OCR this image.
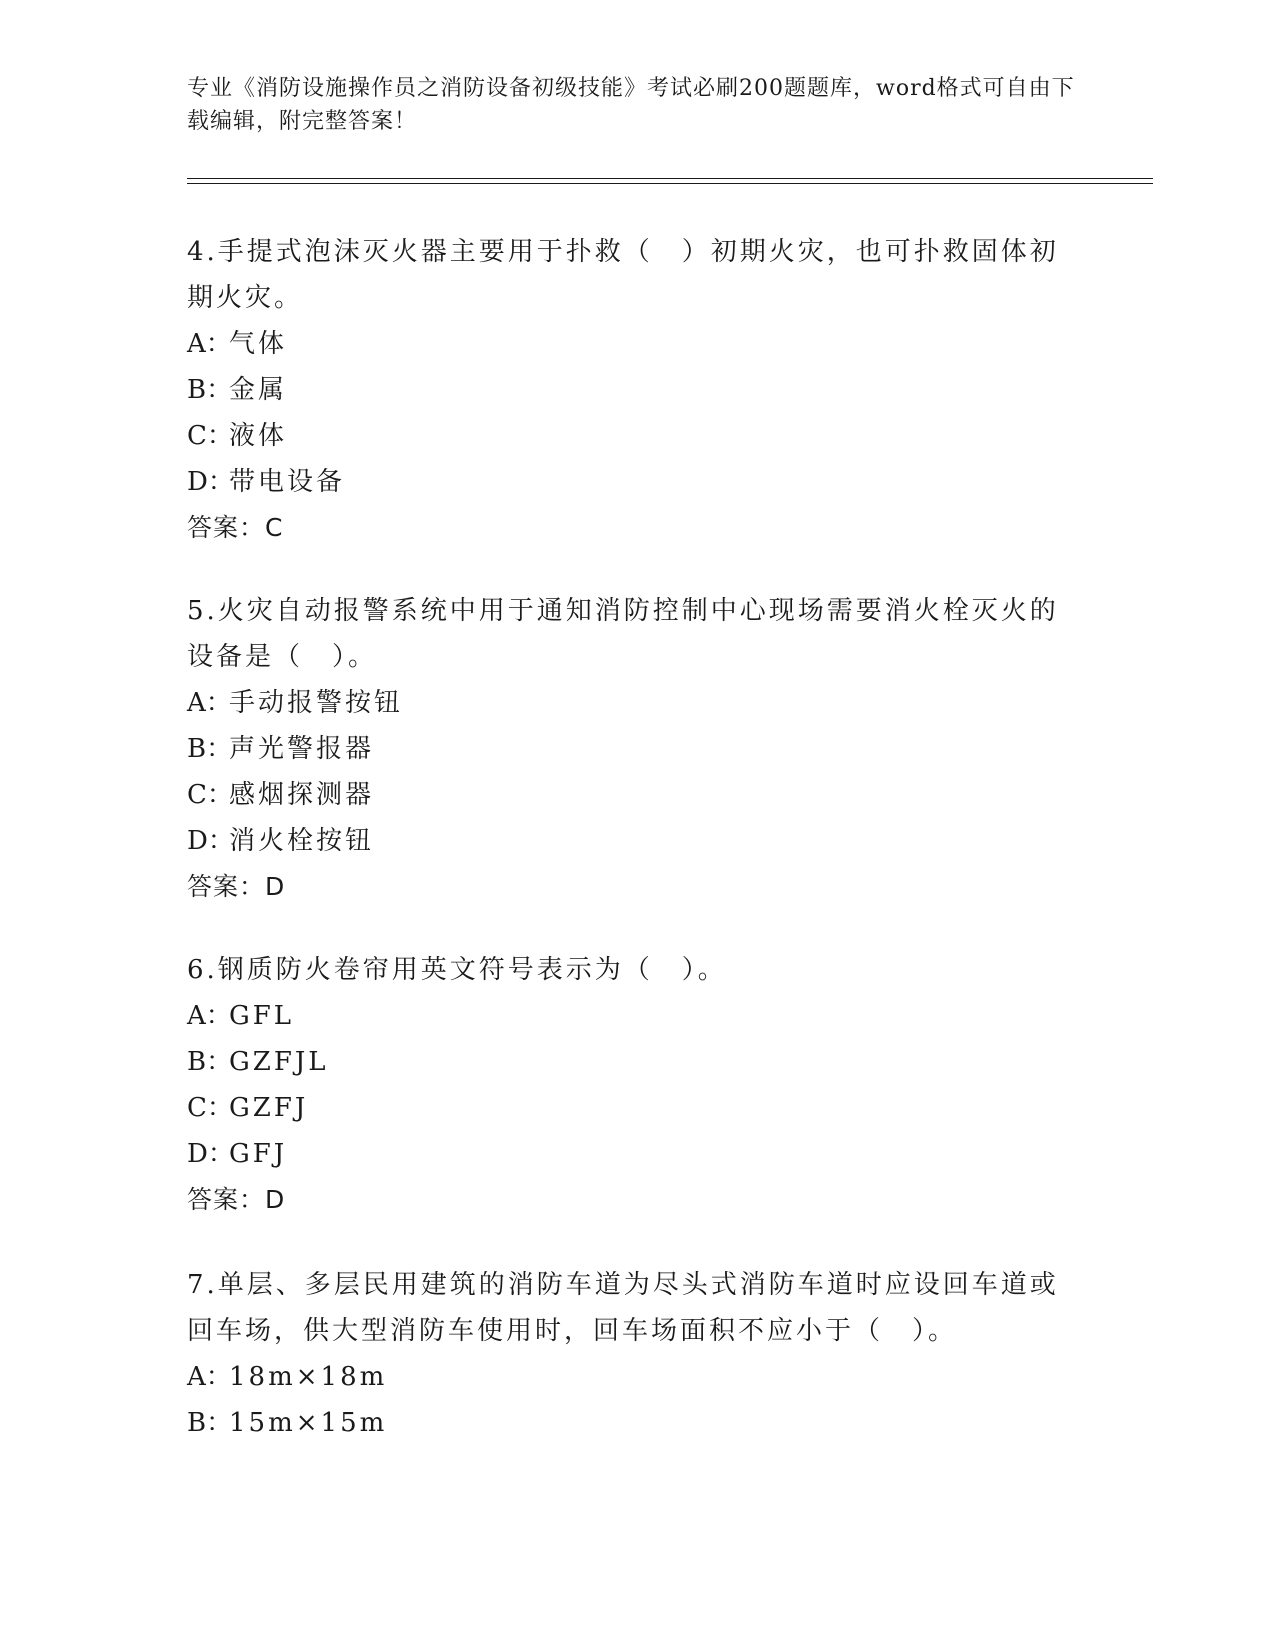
专业《消防设施操作员之消防设备初级技能》考试必刷200题题库，word格式可自由下载编辑，附完整答案！

4.手提式泡沫灭火器主要用于扑救（　）初期火灾，也可扑救固体初期火灾。

A：气体
B：金属
C：液体
D：带电设备
答案：C

5.火灾自动报警系统中用于通知消防控制中心现场需要消火栓灭火的设备是（　）。

A：手动报警按钮
B：声光警报器
C：感烟探测器
D：消火栓按钮
答案：D

6.钢质防火卷帘用英文符号表示为（　）。

A：GFL
B：GZFJL
C：GZFJ
D：GFJ
答案：D

7.单层、多层民用建筑的消防车道为尽头式消防车道时应设回车道或回车场，供大型消防车使用时，回车场面积不应小于（　）。

A：18m×18m
B：15m×15m
